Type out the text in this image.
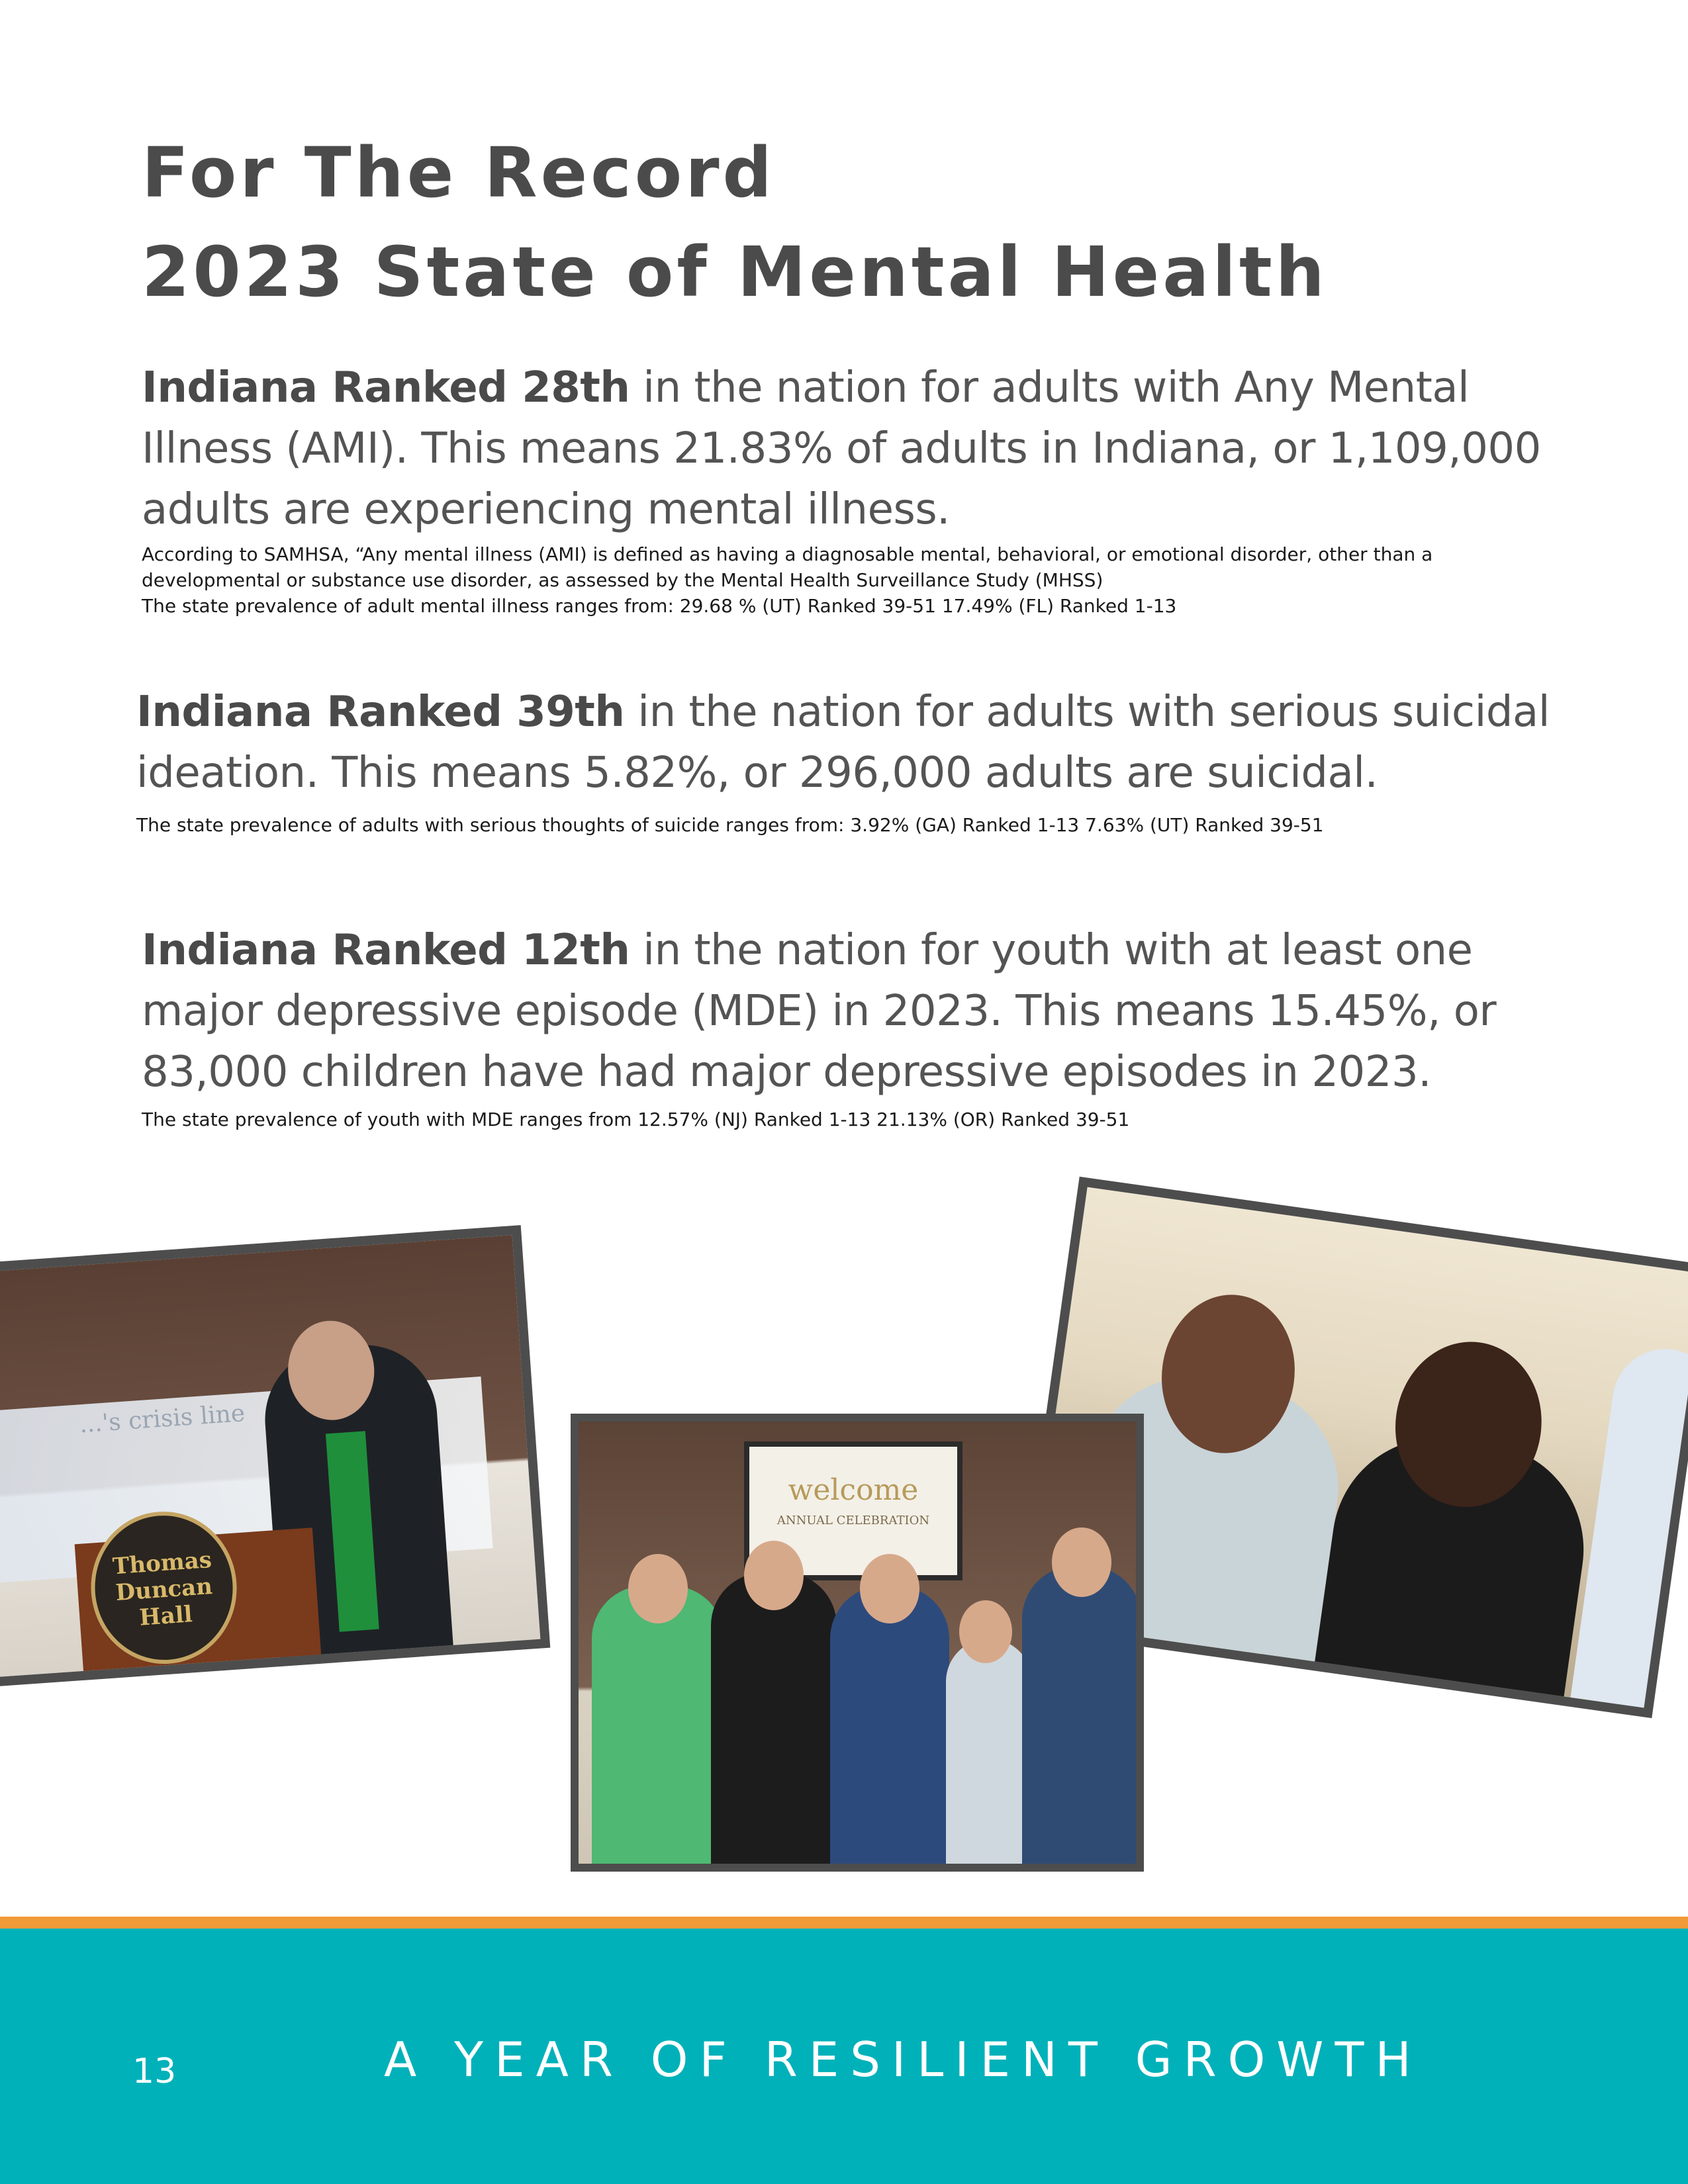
For The Record
2023 State of Mental Health
Indiana Ranked 28th in the nation for adults with Any Mental Illness (AMI). This means 21.83% of adults in Indiana, or 1,109,000 adults are experiencing mental illness.
According to SAMHSA, “Any mental illness (AMI) is defined as having a diagnosable mental, behavioral, or emotional disorder, other than a developmental or substance use disorder, as assessed by the Mental Health Surveillance Study (MHSS)
The state prevalence of adult mental illness ranges from: 29.68 % (UT) Ranked 39-51 17.49% (FL) Ranked 1-13
Indiana Ranked 39th in the nation for adults with serious suicidal ideation. This means 5.82%, or 296,000 adults are suicidal.
The state prevalence of adults with serious thoughts of suicide ranges from: 3.92% (GA) Ranked 1-13 7.63% (UT) Ranked 39-51
Indiana Ranked 12th in the nation for youth with at least one major depressive episode (MDE) in 2023. This means 15.45%, or 83,000 children have had major depressive episodes in 2023.
The state prevalence of youth with MDE ranges from 12.57% (NJ) Ranked 1-13 21.13% (OR) Ranked 39-51
...'s crisis line
Thomas
Duncan
Hall
welcome
ANNUAL CELEBRATION
13	A YEAR OF RESILIENT GROWTH
